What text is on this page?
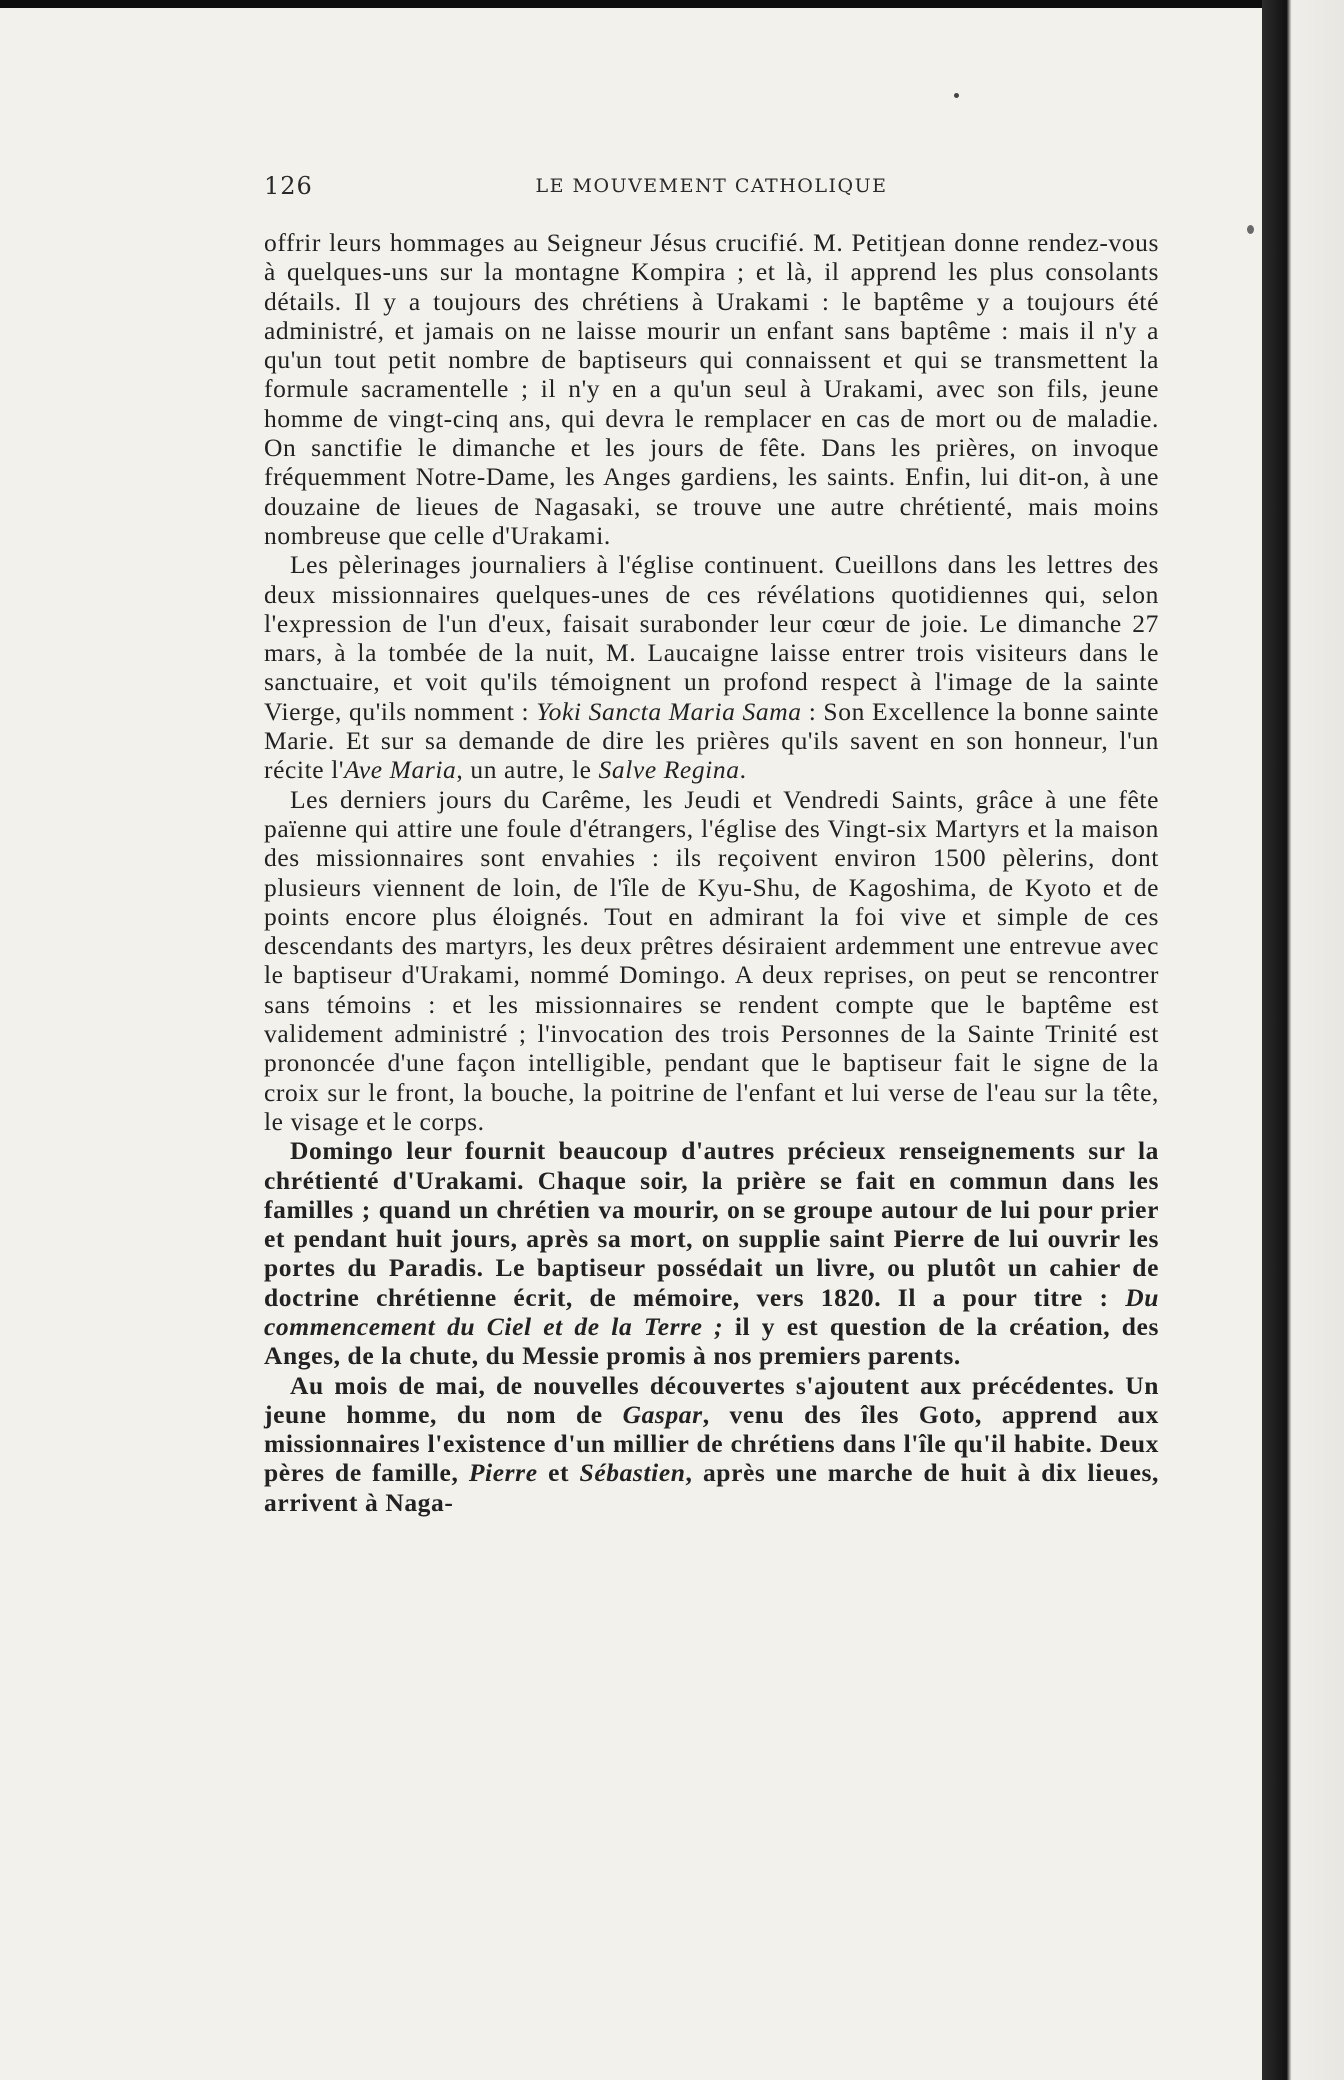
126	LE MOUVEMENT CATHOLIQUE

offrir leurs hommages au Seigneur Jésus crucifié. M. Petitjean donne rendez-vous à quelques-uns sur la montagne Kompira ; et là, il apprend les plus consolants détails. Il y a toujours des chrétiens à Urakami : le baptême y a toujours été administré, et jamais on ne laisse mourir un enfant sans baptême : mais il n'y a qu'un tout petit nombre de baptiseurs qui connaissent et qui se transmettent la formule sacramentelle ; il n'y en a qu'un seul à Urakami, avec son fils, jeune homme de vingt-cinq ans, qui devra le remplacer en cas de mort ou de maladie. On sanctifie le dimanche et les jours de fête. Dans les prières, on invoque fréquemment Notre-Dame, les Anges gardiens, les saints. Enfin, lui dit-on, à une douzaine de lieues de Nagasaki, se trouve une autre chrétienté, mais moins nombreuse que celle d'Urakami.

Les pèlerinages journaliers à l'église continuent. Cueillons dans les lettres des deux missionnaires quelques-unes de ces révélations quotidiennes qui, selon l'expression de l'un d'eux, faisait surabonder leur cœur de joie. Le dimanche 27 mars, à la tombée de la nuit, M. Laucaigne laisse entrer trois visiteurs dans le sanctuaire, et voit qu'ils témoignent un profond respect à l'image de la sainte Vierge, qu'ils nomment : Yoki Sancta Maria Sama : Son Excellence la bonne sainte Marie. Et sur sa demande de dire les prières qu'ils savent en son honneur, l'un récite l'Ave Maria, un autre, le Salve Regina.

Les derniers jours du Carême, les Jeudi et Vendredi Saints, grâce à une fête païenne qui attire une foule d'étrangers, l'église des Vingt-six Martyrs et la maison des missionnaires sont envahies : ils reçoivent environ 1500 pèlerins, dont plusieurs viennent de loin, de l'île de Kyu-Shu, de Kagoshima, de Kyoto et de points encore plus éloignés. Tout en admirant la foi vive et simple de ces descendants des martyrs, les deux prêtres désiraient ardemment une entrevue avec le baptiseur d'Urakami, nommé Domingo. A deux reprises, on peut se rencontrer sans témoins : et les missionnaires se rendent compte que le baptême est validement administré ; l'invocation des trois Personnes de la Sainte Trinité est prononcée d'une façon intelligible, pendant que le baptiseur fait le signe de la croix sur le front, la bouche, la poitrine de l'enfant et lui verse de l'eau sur la tête, le visage et le corps.

Domingo leur fournit beaucoup d'autres précieux renseignements sur la chrétienté d'Urakami. Chaque soir, la prière se fait en commun dans les familles ; quand un chrétien va mourir, on se groupe autour de lui pour prier et pendant huit jours, après sa mort, on supplie saint Pierre de lui ouvrir les portes du Paradis. Le baptiseur possédait un livre, ou plutôt un cahier de doctrine chrétienne écrit, de mémoire, vers 1820. Il a pour titre : Du commencement du Ciel et de la Terre ; il y est question de la création, des Anges, de la chute, du Messie promis à nos premiers parents.

Au mois de mai, de nouvelles découvertes s'ajoutent aux précédentes. Un jeune homme, du nom de Gaspar, venu des îles Goto, apprend aux missionnaires l'existence d'un millier de chrétiens dans l'île qu'il habite. Deux pères de famille, Pierre et Sébastien, après une marche de huit à dix lieues, arrivent à Naga-
